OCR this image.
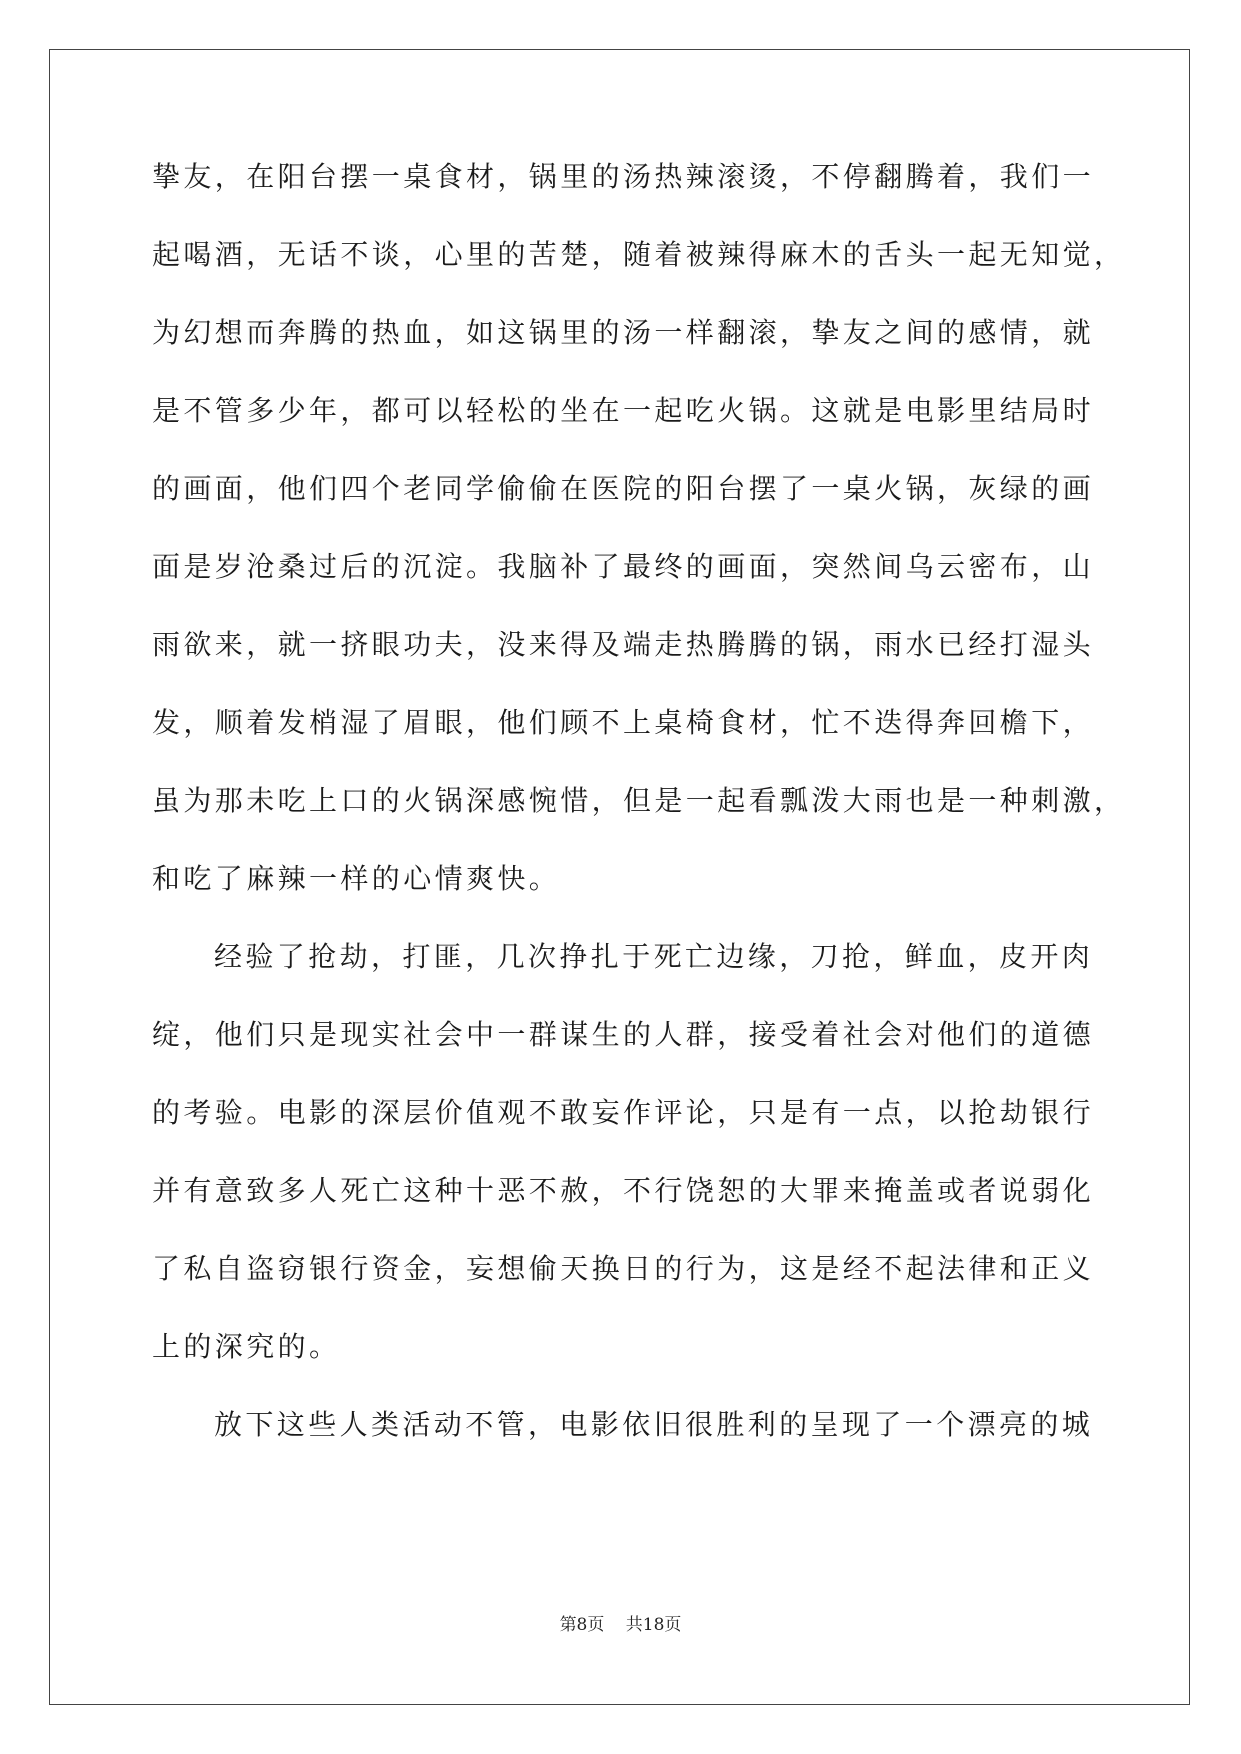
挚友，在阳台摆一桌食材，锅里的汤热辣滚烫，不停翻腾着，我们一
起喝酒，无话不谈，心里的苦楚，随着被辣得麻木的舌头一起无知觉，
为幻想而奔腾的热血，如这锅里的汤一样翻滚，挚友之间的感情，就
是不管多少年，都可以轻松的坐在一起吃火锅。这就是电影里结局时
的画面，他们四个老同学偷偷在医院的阳台摆了一桌火锅，灰绿的画
面是岁沧桑过后的沉淀。我脑补了最终的画面，突然间乌云密布，山
雨欲来，就一挤眼功夫，没来得及端走热腾腾的锅，雨水已经打湿头
发，顺着发梢湿了眉眼，他们顾不上桌椅食材，忙不迭得奔回檐下，
虽为那未吃上口的火锅深感惋惜，但是一起看瓢泼大雨也是一种刺激，
和吃了麻辣一样的心情爽快。
经验了抢劫，打匪，几次挣扎于死亡边缘，刀抢，鲜血，皮开肉
绽，他们只是现实社会中一群谋生的人群，接受着社会对他们的道德
的考验。电影的深层价值观不敢妄作评论，只是有一点，以抢劫银行
并有意致多人死亡这种十恶不赦，不行饶恕的大罪来掩盖或者说弱化
了私自盗窃银行资金，妄想偷天换日的行为，这是经不起法律和正义
上的深究的。
放下这些人类活动不管，电影依旧很胜利的呈现了一个漂亮的城
第8页 共18页
